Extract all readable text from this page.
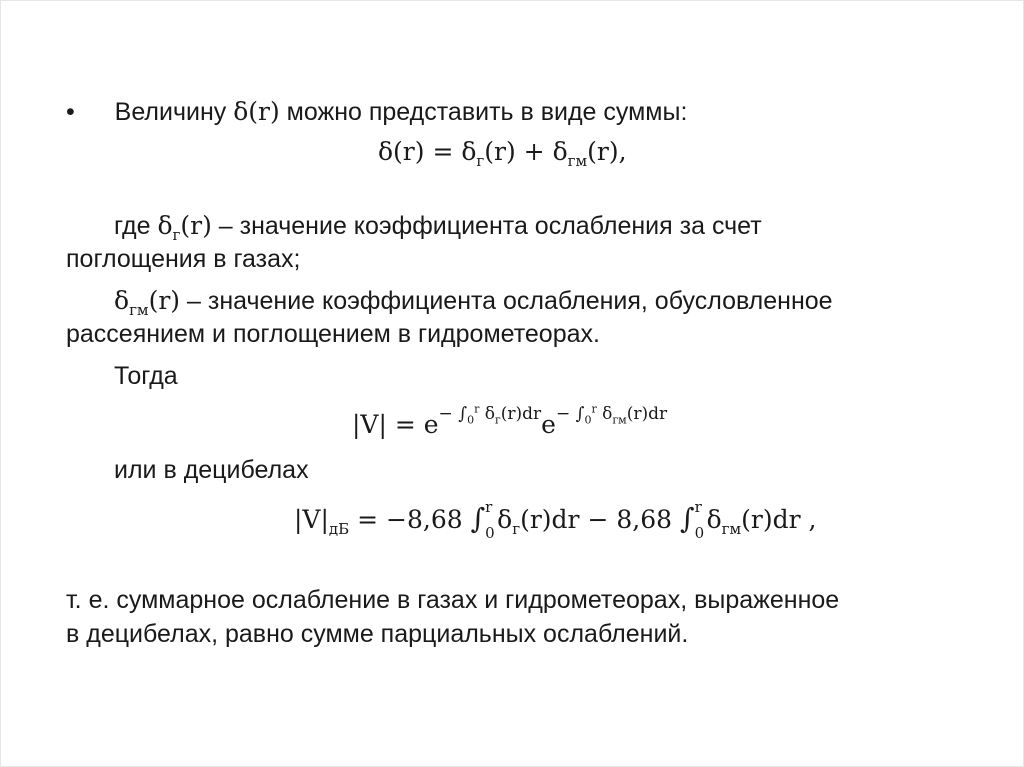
• Величину δ(r) можно представить в виде суммы:
$\delta(r) = \delta_г(r) + \delta_{гм}(r)$,
где $\delta_г(r)$ – значение коэффициента ослабления за счет
поглощения в газах;
$\delta_{гм}(r)$ – значение коэффициента ослабления, обусловленное
рассеянием и поглощением в гидрометеорах.
Тогда
$|V| = e^{- \int_0^r \delta_г(r)dr}e^{- \int_0^r \delta_{гм}(r)dr}$
или в децибелах
$|V|_{дБ} = -8,68$ ∫ r
0 $\delta_г(r)dr - 8,68$ ∫ r
0 $\delta_{гм}(r)dr$ ,
т. е. суммарное ослабление в газах и гидрометеорах, выраженное
в децибелах, равно сумме парциальных ослаблений.
